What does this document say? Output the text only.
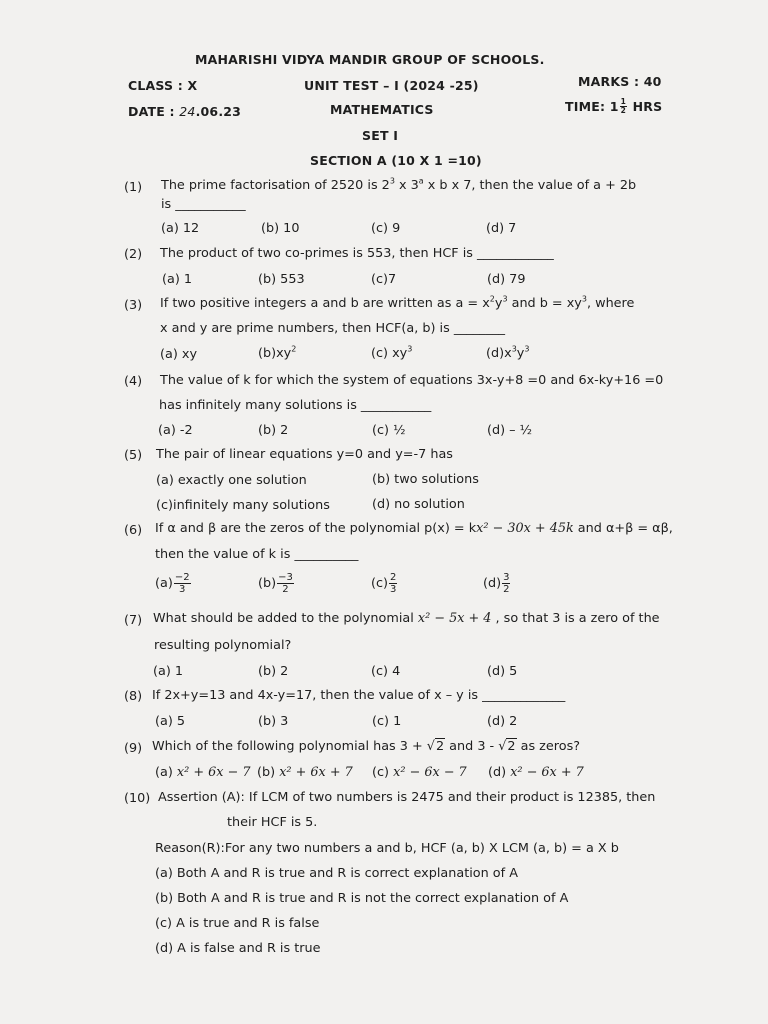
MAHARISHI VIDYA MANDIR GROUP OF SCHOOLS.
CLASS : X	UNIT TEST – I (2024 -25)	MARKS : 40
DATE : 24.06.23	MATHEMATICS	TIME: $1 \frac{1}{2}$ HRS
SET I
SECTION A (10 X 1 =10)
(1) The prime factorisation of 2520 is $2^3$ x 3$^a$ x b x 7, then the value of a + 2b
is ___________
(a) 12	(b) 10	(c) 9	(d) 7
(2) The product of two co-primes is 553, then HCF is ____________
(a) 1	(b) 553	(c)7	(d) 79
(3) If two positive integers a and b are written as $a = x^2y^3$ and $b = xy^3$, where
x and y are prime numbers, then HCF(a, b) is ________
(a) xy	$(b)xy^2$	(c) $xy^3$	$(d)x^3y^3$
(4) The value of k for which the system of equations 3x-y+8 =0 and 6x-ky+16 =0
has infinitely many solutions is ___________
(a) -2	(b) 2	(c) ½	(d) – ½
(5) The pair of linear equations y=0 and y=-7 has
(a) exactly one solution	(b) two solutions
(c)infinitely many solutions	(d) no solution
(6) If α and β are the zeros of the polynomial p(x) = kx² − 30x + 45k and α+β = αβ,
then the value of k is __________
$(a) \frac{-2}{3}$	$(b) \frac{-3}{2}$	$(c) \frac{2}{3}$	$(d) \frac{3}{2}$
(7) What should be added to the polynomial x² − 5x + 4 , so that 3 is a zero of the
resulting polynomial?
(a) 1	(b) 2	(c) 4	(d) 5
(8) If 2x+y=13 and 4x-y=17, then the value of x – y is _____________
(a) 5	(b) 3	(c) 1	(d) 2
(9) Which of the following polynomial has 3 + √2 and 3 - √2 as zeros?
(a) x² + 6x − 7 (b) x² + 6x + 7 (c) x² − 6x − 7 (d) x² − 6x + 7
(10) Assertion (A): If LCM of two numbers is 2475 and their product is 12385, then
their HCF is 5.
Reason(R):For any two numbers a and b, HCF (a, b) X LCM (a, b) = a X b
(a) Both A and R is true and R is correct explanation of A
(b) Both A and R is true and R is not the correct explanation of A
(c) A is true and R is false
(d) A is false and R is true
